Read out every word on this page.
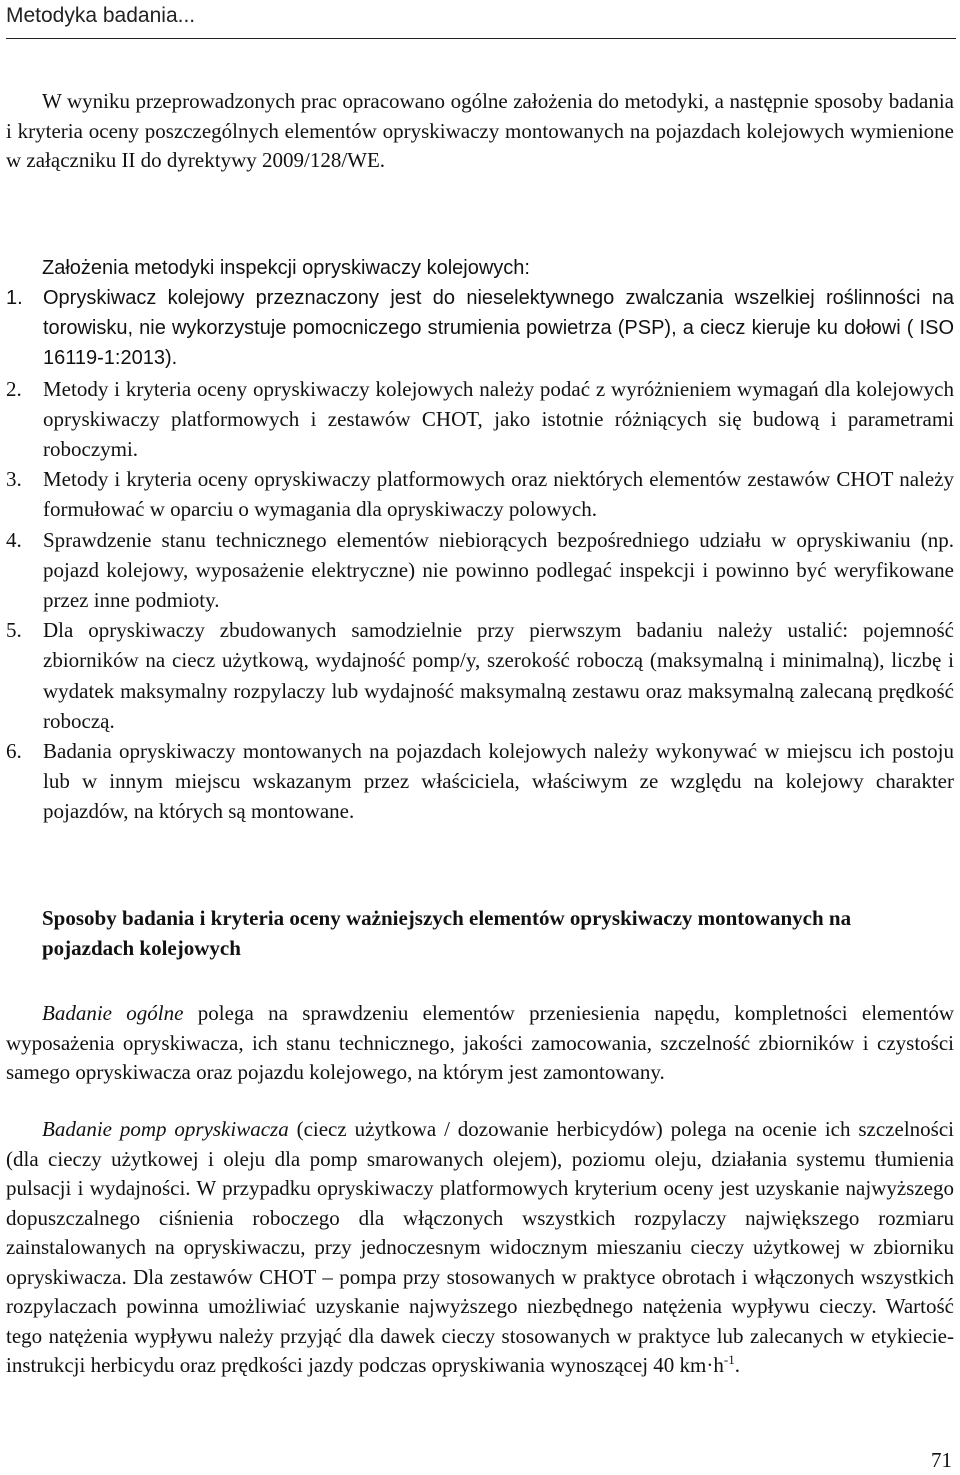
Metodyka badania...

W wyniku przeprowadzonych prac opracowano ogólne założenia do metodyki, a następnie sposoby badania i kryteria oceny poszczególnych elementów opryskiwaczy montowanych na pojazdach kolejowych wymienione w załączniku II do dyrektywy 2009/128/WE.

Założenia metodyki inspekcji opryskiwaczy kolejowych:
1. Opryskiwacz kolejowy przeznaczony jest do nieselektywnego zwalczania wszelkiej roślinności na torowisku, nie wykorzystuje pomocniczego strumienia powietrza (PSP), a ciecz kieruje ku dołowi ( ISO 16119-1:2013).
2. Metody i kryteria oceny opryskiwaczy kolejowych należy podać z wyróżnieniem wymagań dla kolejowych opryskiwaczy platformowych i zestawów CHOT, jako istotnie różniących się budową i parametrami roboczymi.
3. Metody i kryteria oceny opryskiwaczy platformowych oraz niektórych elementów zestawów CHOT należy formułować w oparciu o wymagania dla opryskiwaczy polowych.
4. Sprawdzenie stanu technicznego elementów niebiorących bezpośredniego udziału w opryskiwaniu (np. pojazd kolejowy, wyposażenie elektryczne) nie powinno podlegać inspekcji i powinno być weryfikowane przez inne podmioty.
5. Dla opryskiwaczy zbudowanych samodzielnie przy pierwszym badaniu należy ustalić: pojemność zbiorników na ciecz użytkową, wydajność pomp/y, szerokość roboczą (maksymalną i minimalną), liczbę i wydatek maksymalny rozpylaczy lub wydajność maksymalną zestawu oraz maksymalną zalecaną prędkość roboczą.
6. Badania opryskiwaczy montowanych na pojazdach kolejowych należy wykonywać w miejscu ich postoju lub w innym miejscu wskazanym przez właściciela, właściwym ze względu na kolejowy charakter pojazdów, na których są montowane.
Sposoby badania i kryteria oceny ważniejszych elementów opryskiwaczy montowanych na pojazdach kolejowych

Badanie ogólne polega na sprawdzeniu elementów przeniesienia napędu, kompletności elementów wyposażenia opryskiwacza, ich stanu technicznego, jakości zamocowania, szczelność zbiorników i czystości samego opryskiwacza oraz pojazdu kolejowego, na którym jest zamontowany.

Badanie pomp opryskiwacza (ciecz użytkowa / dozowanie herbicydów) polega na ocenie ich szczelności (dla cieczy użytkowej i oleju dla pomp smarowanych olejem), poziomu oleju, działania systemu tłumienia pulsacji i wydajności. W przypadku opryskiwaczy platformowych kryterium oceny jest uzyskanie najwyższego dopuszczalnego ciśnienia roboczego dla włączonych wszystkich rozpylaczy największego rozmiaru zainstalowanych na opryskiwaczu, przy jednoczesnym widocznym mieszaniu cieczy użytkowej w zbiorniku opryskiwacza. Dla zestawów CHOT – pompa przy stosowanych w praktyce obrotach i włączonych wszystkich rozpylaczach powinna umożliwiać uzyskanie najwyższego niezbędnego natężenia wypływu cieczy. Wartość tego natężenia wypływu należy przyjąć dla dawek cieczy stosowanych w praktyce lub zalecanych w etykiecie-instrukcji herbicydu oraz prędkości jazdy podczas opryskiwania wynoszącej 40 $km\cdot h^{-1}$.

71
